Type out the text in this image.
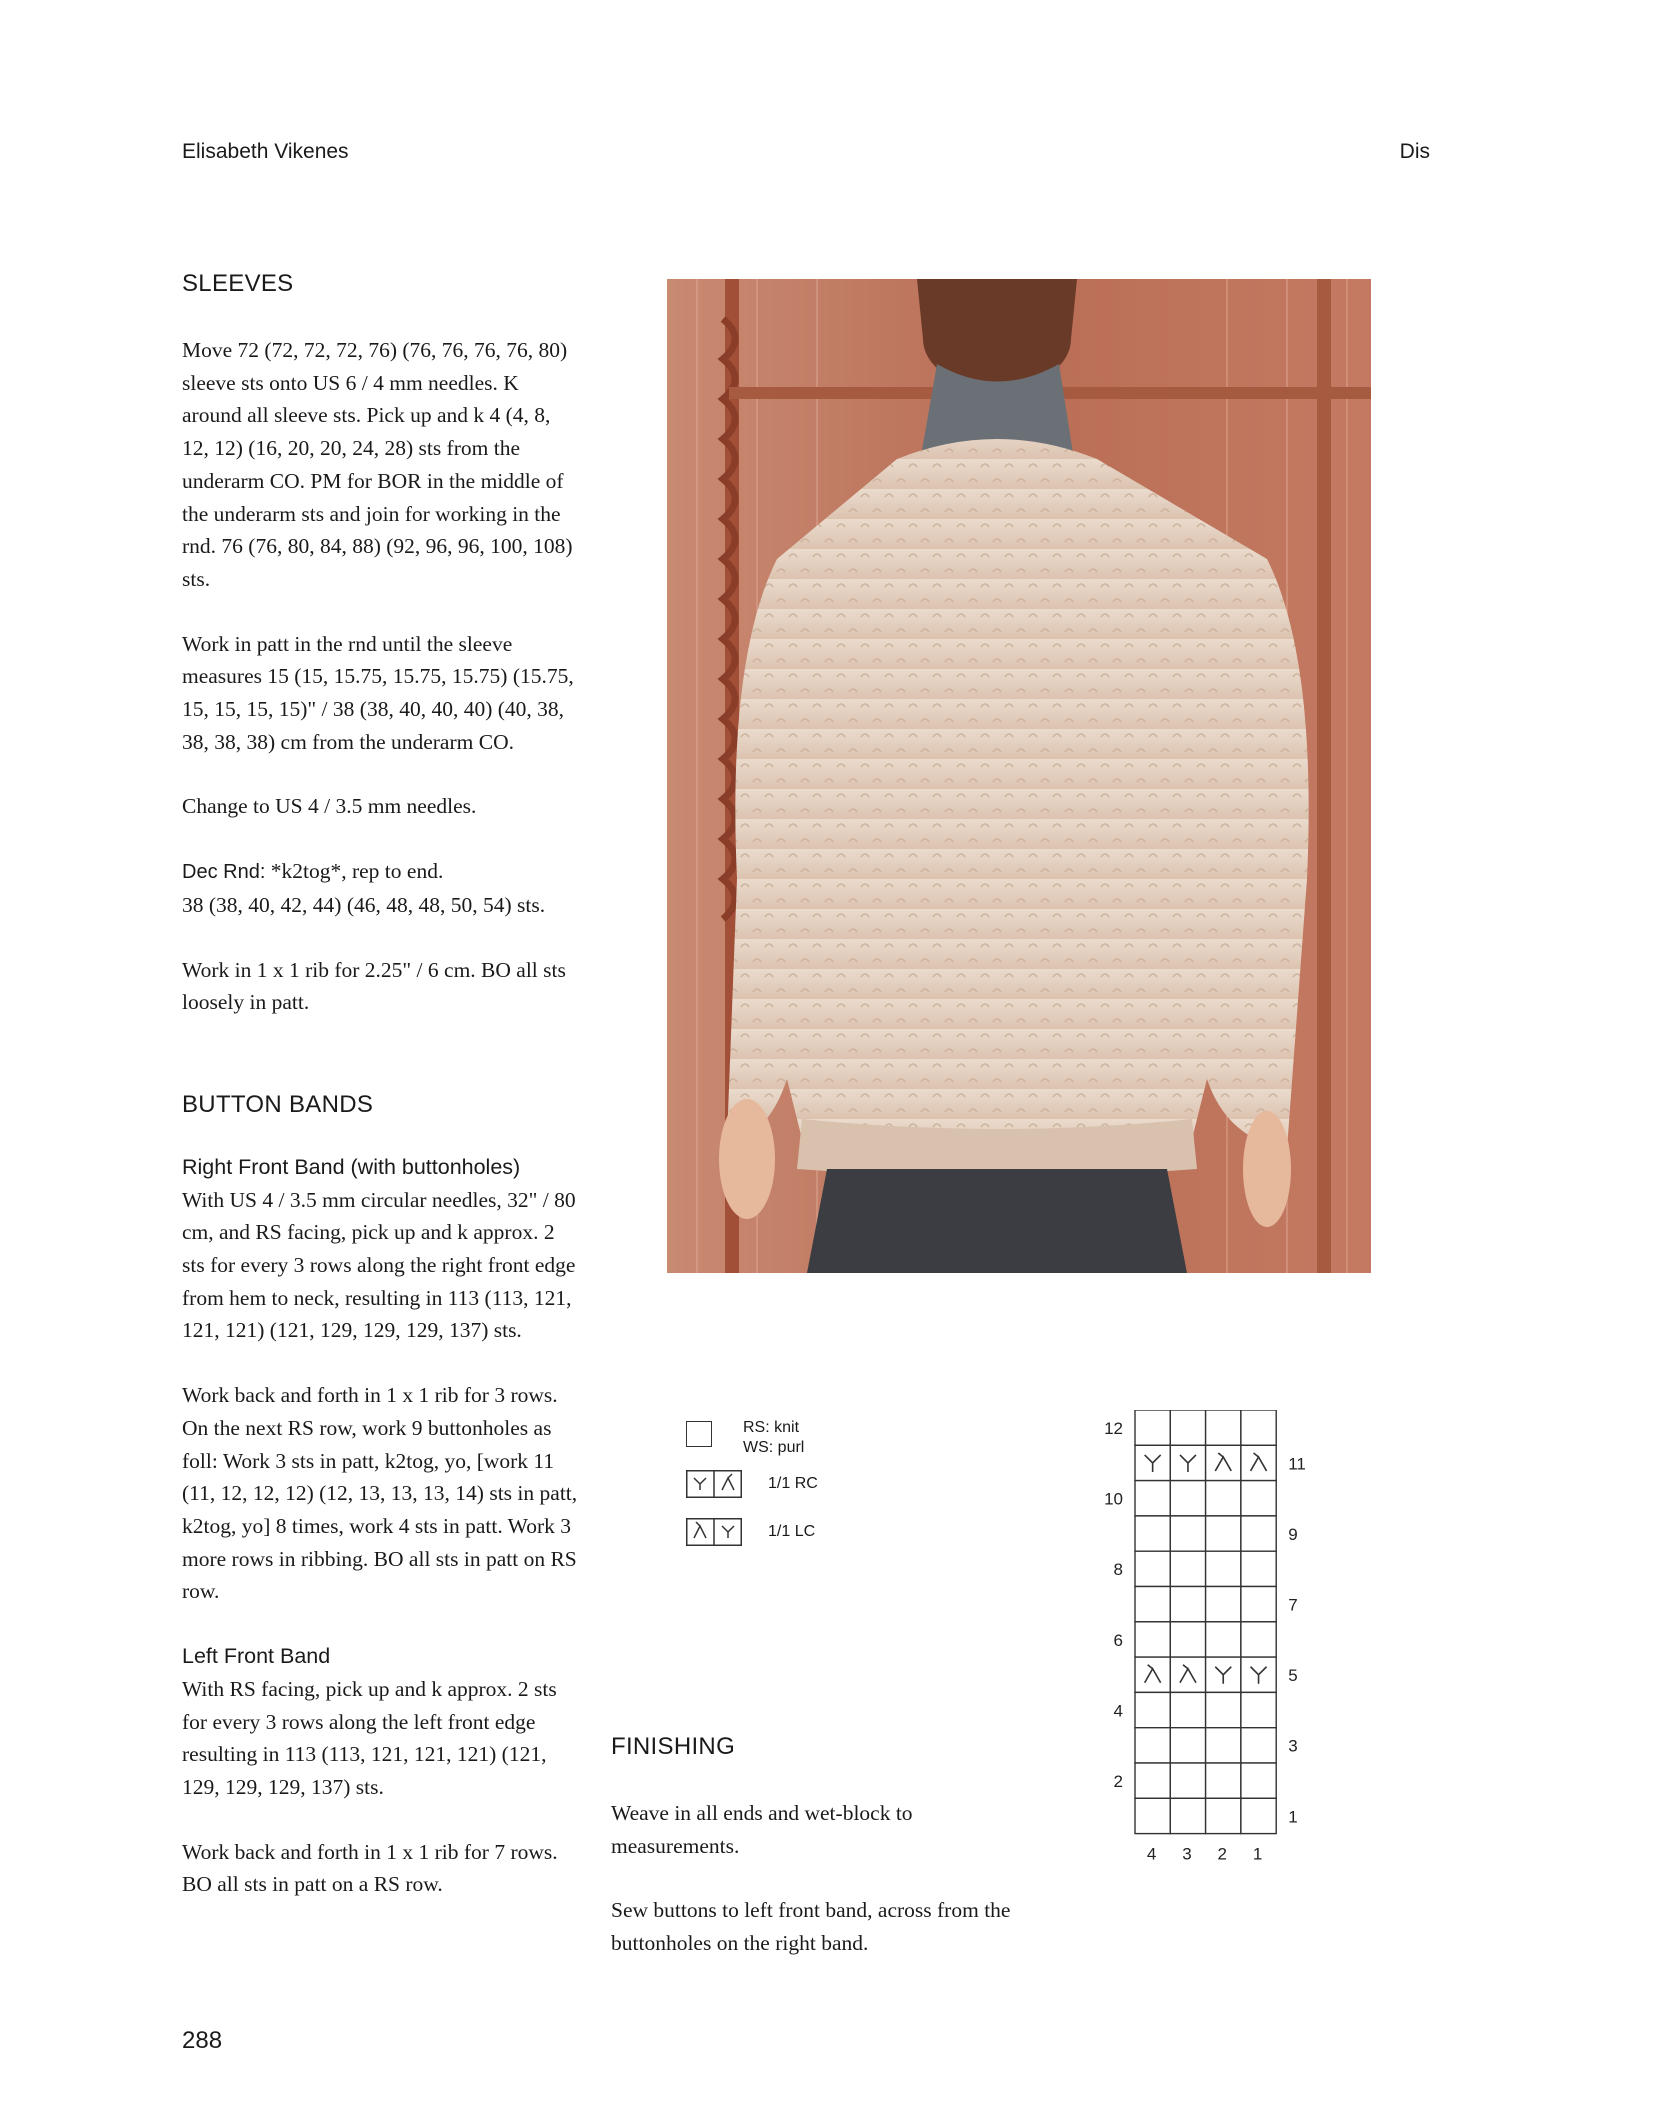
Elisabeth Vikenes	Dis
SLEEVES

Move 72 (72, 72, 72, 76) (76, 76, 76, 76, 80) sleeve sts onto US 6 / 4 mm needles. K around all sleeve sts. Pick up and k 4 (4, 8, 12, 12) (16, 20, 20, 24, 28) sts from the underarm CO. PM for BOR in the middle of the underarm sts and join for working in the rnd. 76 (76, 80, 84, 88) (92, 96, 96, 100, 108) sts.

Work in patt in the rnd until the sleeve measures 15 (15, 15.75, 15.75, 15.75) (15.75, 15, 15, 15, 15)" / 38 (38, 40, 40, 40) (40, 38, 38, 38, 38) cm from the underarm CO.

Change to US 4 / 3.5 mm needles.

Dec Rnd: *k2tog*, rep to end.
38 (38, 40, 42, 44) (46, 48, 48, 50, 54) sts.

Work in 1 x 1 rib for 2.25" / 6 cm. BO all sts loosely in patt.

BUTTON BANDS
Right Front Band (with buttonholes)

With US 4 / 3.5 mm circular needles, 32" / 80 cm, and RS facing, pick up and k approx. 2 sts for every 3 rows along the right front edge from hem to neck, resulting in 113 (113, 121, 121, 121) (121, 129, 129, 129, 137) sts.

Work back and forth in 1 x 1 rib for 3 rows. On the next RS row, work 9 buttonholes as foll: Work 3 sts in patt, k2tog, yo, [work 11 (11, 12, 12, 12) (12, 13, 13, 13, 14) sts in patt, k2tog, yo] 8 times, work 4 sts in patt. Work 3 more rows in ribbing. BO all sts in patt on RS row.

Left Front Band

With RS facing, pick up and k approx. 2 sts for every 3 rows along the left front edge resulting in 113 (113, 121, 121, 121) (121, 129, 129, 129, 137) sts.

Work back and forth in 1 x 1 rib for 7 rows. BO all sts in patt on a RS row.

RS: knit
WS: purl
1/1 RC
1/1 LC
12
10
8
6
4
2
11
9
7
5
3
1
4 3 2 1
FINISHING

Weave in all ends and wet-block to measurements.

Sew buttons to left front band, across from the buttonholes on the right band.

288
